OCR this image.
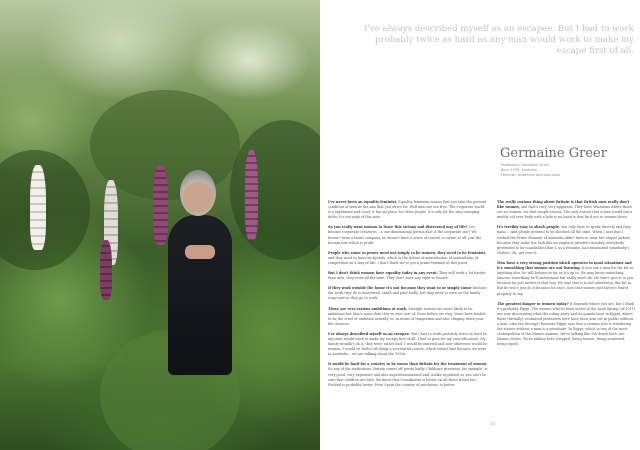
I've always described myself as an escapee. But I had to work probably twice as hard as any man would work to make my escape first of all.
Germaine Greer
Profession: Germaine Greer
Born 1939, Australia
Feminist, academic and journalist

I've never been an equality feminist. Equality feminism means that you take the present condition of men as the aim that you strive for. Well men are not free. The corporate world is a nightmare and cruel, it has no place for older people. It's only for the ring-swinging dicks. It's not nigh of this now.

So you really want women to leave this vicious and distressed way of life? I've become corporate creatures – a one-dimensional person that is the corporate one? We haven't been a burnt company, he doesn't have a sense of control or virtue at all, just the bottom line which is profit.

People who come to power need not simply to be women, they need to be feminists and they need to have an agenda, which is the defeat of masculinism, of masculinity, of competition as a way of life. I don't think we've got a prime feminist at this point.

But I don't think women have equality today in any event. They still work a lot harder than men, they work all the time. They don't have any right to leisure.

If they work outside the home it's not because they want to or simply cause because the work they do is monetized, taxed and paid badly, but they need to earn on the family wage and so they go to work.

There are very serious ambitions at work. Straight women are more likely to be ambitious but that's more than they're ever sort of. Even before we ring, there have tended to be the cruel of ambition actually, to, in terms of temptation and also clinging down your life chances.

I've always described myself as an escapee. But I had to work probably twice as hard as any man would work to make my escape first of all. I had to pass for my own education. My family wouldn't do it, they were rather bad. I would be married and now otherwise would be women. I would be better off doing a secretarial course, which wasn't bad because we were in Australia – we are talking about the 1950s.

It would be hard for a country to be worse than Britain for the treatment of women. So any of the institutions, Britain comes off pretty badly. Childcare provision, for example, is very good, very expensive and also unprofessionalised and, unlike regulated so you can't be sure that children are safe. We know that Scandinavia is better on all these fronts but Finland is probably better. Even Spain the country of machismo, is better.

The really curious thing about Britain is that British men really don't like women, and that's very, very apparent. They have situations where there are no women, for that simple reason. The only reason that a man would use a muddy ool over body with a hole is no hand is that he'd not to women there.

It's terribly easy to shock people. You only have to speak directly and they panic... And people pretend to be shocked all the time. When I said that I wished the Prime Minister of Australia didn't have to wear her stupid jackets, because they make her look like an emperor grinder's monkey, everybody pretended to be scandalised that I, as a feminist, had mentioned somebody's clothes. Oh, get over it.

Men have a very strong position which operates in most situations and it's something that women are not learning. If you ask a man for the kit or anything else, he will behave as far as it's up to. He may know something famous, something he'll understand but really won't do. He won't give it to you, because he just invited it that way. He says that it is not inherent in this bit in. But he won't just do it because he can't, now that women just haven't learnt properly to say.

The greatest danger to women today? It depends where you are, but I think it's probably Egypt. The women who've been active in the Arab Spring (of 2011) are now discovering what the ruling party and its guards have in Egypt, where those (brutally) victimised protesters here have their arm cut in public without a man. Like the throngs? Because Egypt says that a woman who is wandering the streets without a man is a prostitute. In Egypt, which is one of the most cosmopolitan of the Islamic nations. We're talking like 5th death here, not Islamic states. We're talking here stripped, being beaten, being murdered, being raped.

15
